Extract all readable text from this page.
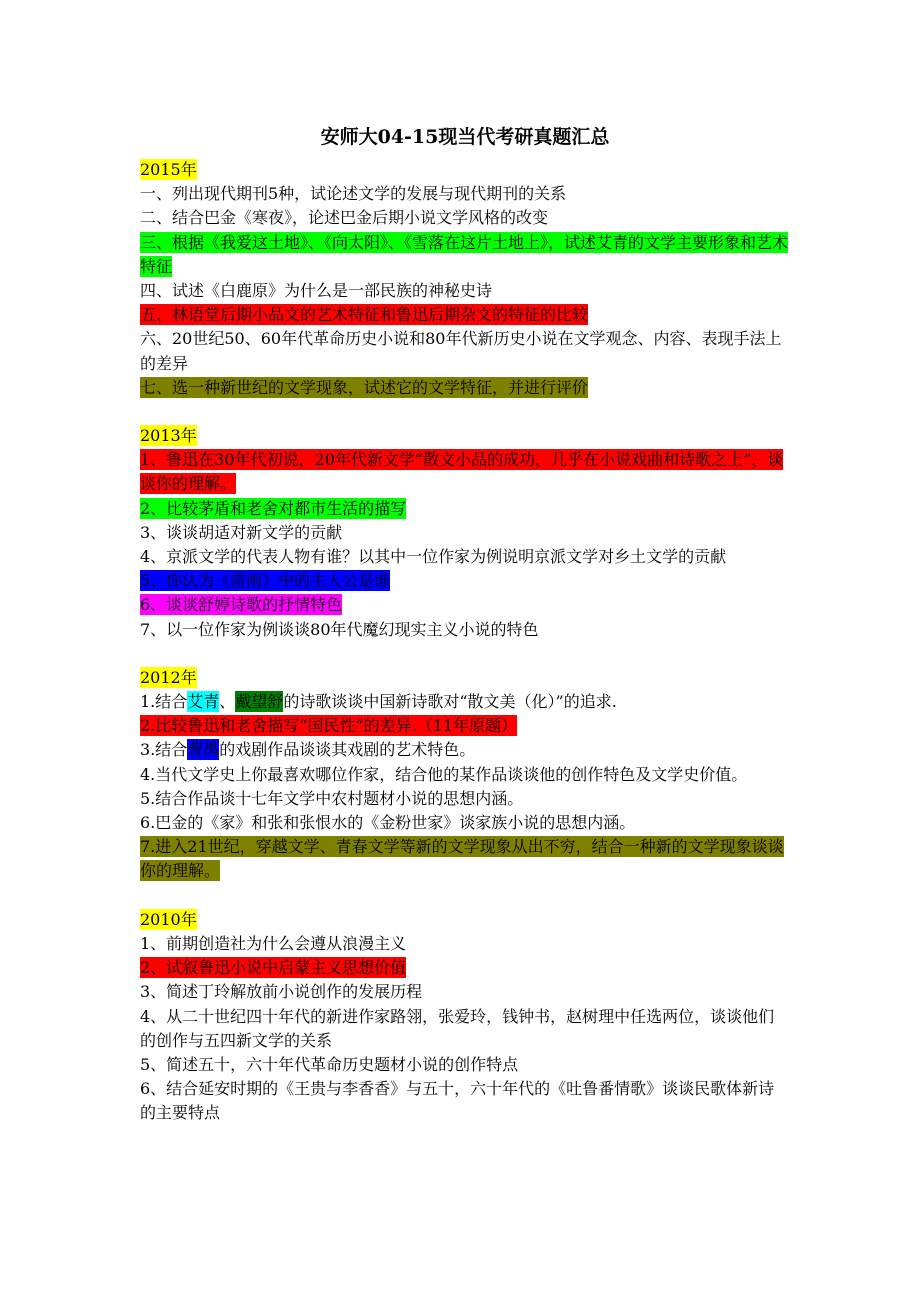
安师大04-15现当代考研真题汇总

2015年

一、列出现代期刊5种，试论述文学的发展与现代期刊的关系

二、结合巴金《寒夜》，论述巴金后期小说文学风格的改变

三、根据《我爱这土地》、《向太阳》、《雪落在这片土地上》，试述艾青的文学主要形象和艺术特征

四、试述《白鹿原》为什么是一部民族的神秘史诗

五、林语堂后期小品文的艺术特征和鲁迅后期杂文的特征的比较

六、20世纪50、60年代革命历史小说和80年代新历史小说在文学观念、内容、表现手法上的差异

七、选一种新世纪的文学现象，试述它的文学特征，并进行评价

2013年

1、鲁迅在30年代初说，20年代新文学“散文小品的成功，几乎在小说戏曲和诗歌之上”，谈谈你的理解。

2、比较茅盾和老舍对都市生活的描写

3、谈谈胡适对新文学的贡献

4、京派文学的代表人物有谁？以其中一位作家为例说明京派文学对乡土文学的贡献

5、你认为《雷雨》中的主人公是谁

6、谈谈舒婷诗歌的抒情特色

7、以一位作家为例谈谈80年代魔幻现实主义小说的特色

2012年

1.结合艾青、戴望舒的诗歌谈谈中国新诗歌对“散文美（化）”的追求.

2.比较鲁迅和老舍描写“国民性”的差异.（11年原题）

3.结合曹禺的戏剧作品谈谈其戏剧的艺术特色。

4.当代文学史上你最喜欢哪位作家，结合他的某作品谈谈他的创作特色及文学史价值。

5.结合作品谈十七年文学中农村题材小说的思想内涵。

6.巴金的《家》和张和张恨水的《金粉世家》谈家族小说的思想内涵。

7.进入21世纪，穿越文学、青春文学等新的文学现象从出不穷，结合一种新的文学现象谈谈你的理解。

2010年

1、前期创造社为什么会遵从浪漫主义

2、试叙鲁迅小说中启蒙主义思想价值

3、简述丁玲解放前小说创作的发展历程

4、从二十世纪四十年代的新进作家路翎，张爱玲，钱钟书，赵树理中任选两位，谈谈他们的创作与五四新文学的关系

5、简述五十，六十年代革命历史题材小说的创作特点

6、结合延安时期的《王贵与李香香》与五十，六十年代的《吐鲁番情歌》谈谈民歌体新诗的主要特点
